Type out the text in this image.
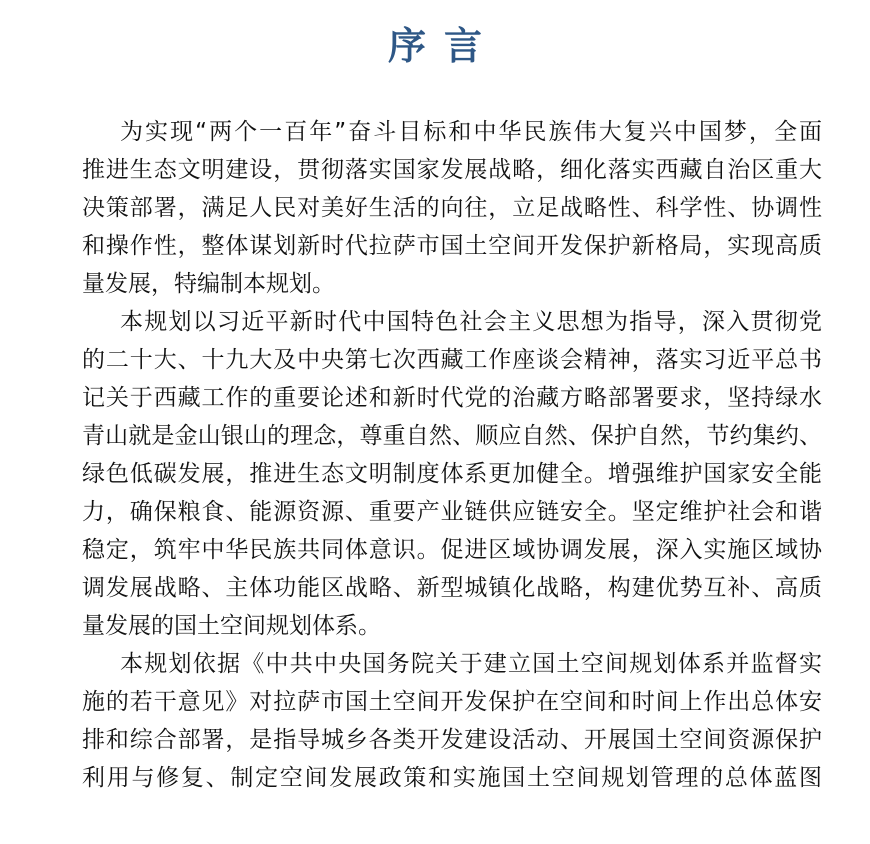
序言
为实现“两个一百年”奋斗目标和中华民族伟大复兴中国梦，全面
推进生态文明建设，贯彻落实国家发展战略，细化落实西藏自治区重大
决策部署，满足人民对美好生活的向往，立足战略性、科学性、协调性
和操作性，整体谋划新时代拉萨市国土空间开发保护新格局，实现高质
量发展，特编制本规划。
本规划以习近平新时代中国特色社会主义思想为指导，深入贯彻党
的二十大、十九大及中央第七次西藏工作座谈会精神，落实习近平总书
记关于西藏工作的重要论述和新时代党的治藏方略部署要求，坚持绿水
青山就是金山银山的理念，尊重自然、顺应自然、保护自然，节约集约、
绿色低碳发展，推进生态文明制度体系更加健全。增强维护国家安全能
力，确保粮食、能源资源、重要产业链供应链安全。坚定维护社会和谐
稳定，筑牢中华民族共同体意识。促进区域协调发展，深入实施区域协
调发展战略、主体功能区战略、新型城镇化战略，构建优势互补、高质
量发展的国土空间规划体系。
本规划依据《中共中央国务院关于建立国土空间规划体系并监督实
施的若干意见》对拉萨市国土空间开发保护在空间和时间上作出总体安
排和综合部署，是指导城乡各类开发建设活动、开展国土空间资源保护
利用与修复、制定空间发展政策和实施国土空间规划管理的总体蓝图
